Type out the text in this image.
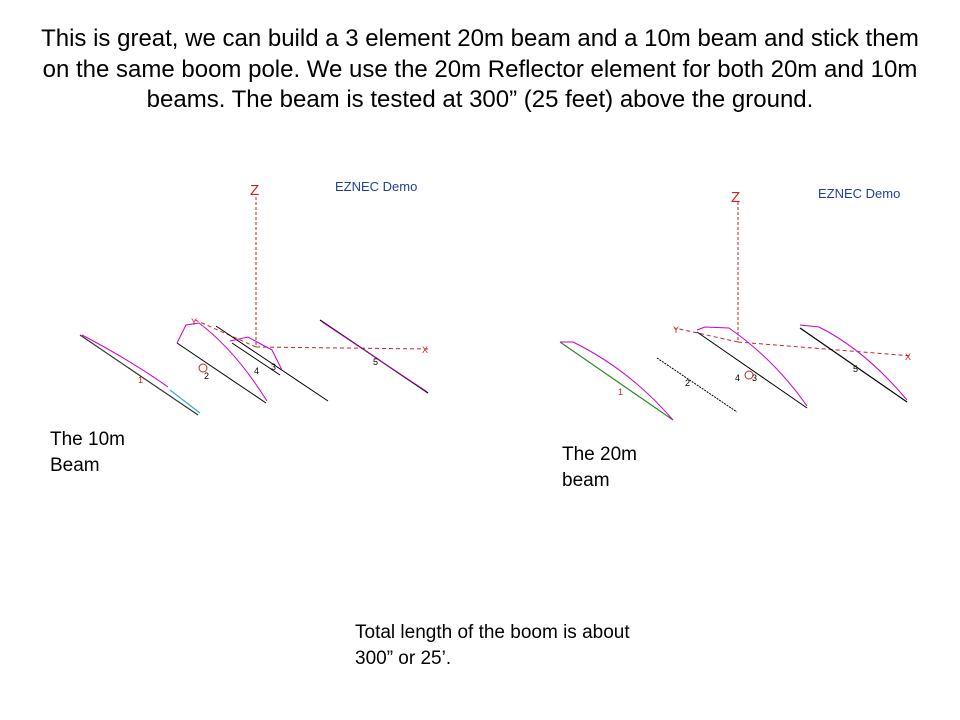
This is great, we can build a 3 element 20m beam and a 10m beam and stick them on the same boom pole. We use the 20m Reflector element for both 20m and 10m beams. The beam is tested at 300” (25 feet) above the ground.

EZNEC Demo
Z
X
Y
1	2	4 3	5
EZNEC Demo
Z
X
Y
1
2	4 3
5

The 10m Beam

The 20m beam

Total length of the boom is about 300” or 25’.
